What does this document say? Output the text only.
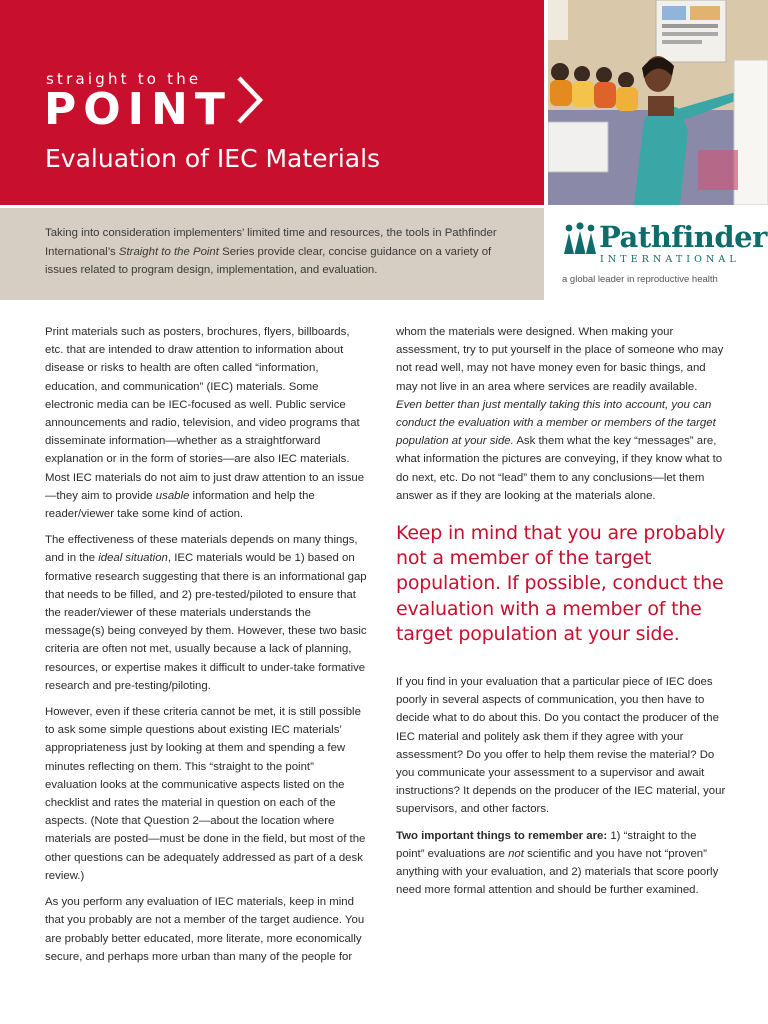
straight to the
POINT
Evaluation of IEC Materials

Taking into consideration implementers’ limited time and resources, the tools in Pathfinder International’s Straight to the Point Series provide clear, concise guidance on a variety of issues related to program design, implementation, and evaluation.

Pathfinder
INTERNATIONAL
a global leader in reproductive health

Print materials such as posters, brochures, flyers, billboards, etc. that are intended to draw attention to information about disease or risks to health are often called “information, education, and communication” (IEC) materials. Some electronic media can be IEC-focused as well. Public service announcements and radio, television, and video programs that disseminate information—whether as a straightforward explanation or in the form of stories—are also IEC materials. Most IEC materials do not aim to just draw attention to an issue—they aim to provide usable information and help the reader/viewer take some kind of action.

The effectiveness of these materials depends on many things, and in the ideal situation, IEC materials would be 1) based on formative research suggesting that there is an informational gap that needs to be filled, and 2) pre-tested/piloted to ensure that the reader/viewer of these materials understands the message(s) being conveyed by them. However, these two basic criteria are often not met, usually because a lack of planning, resources, or expertise makes it difficult to under-take formative research and pre-testing/piloting.

However, even if these criteria cannot be met, it is still possible to ask some simple questions about existing IEC materials’ appropriateness just by looking at them and spending a few minutes reflecting on them. This “straight to the point” evaluation looks at the communicative aspects listed on the checklist and rates the material in question on each of the aspects. (Note that Question 2—about the location where materials are posted—must be done in the field, but most of the other questions can be adequately addressed as part of a desk review.)

As you perform any evaluation of IEC materials, keep in mind that you probably are not a member of the target audience. You are probably better educated, more literate, more economically secure, and perhaps more urban than many of the people for

whom the materials were designed. When making your assessment, try to put yourself in the place of someone who may not read well, may not have money even for basic things, and may not live in an area where services are readily available. Even better than just mentally taking this into account, you can conduct the evaluation with a member or members of the target population at your side. Ask them what the key “messages” are, what information the pictures are conveying, if they know what to do next, etc. Do not “lead” them to any conclusions—let them answer as if they are looking at the materials alone.

Keep in mind that you are probably not a member of the target population. If possible, conduct the evaluation with a member of the target population at your side.

If you find in your evaluation that a particular piece of IEC does poorly in several aspects of communication, you then have to decide what to do about this. Do you contact the producer of the IEC material and politely ask them if they agree with your assessment? Do you offer to help them revise the material? Do you communicate your assessment to a supervisor and await instructions? It depends on the producer of the IEC material, your supervisors, and other factors.

Two important things to remember are: 1) “straight to the point” evaluations are not scientific and you have not “proven” anything with your evaluation, and 2) materials that score poorly need more formal attention and should be further examined.
